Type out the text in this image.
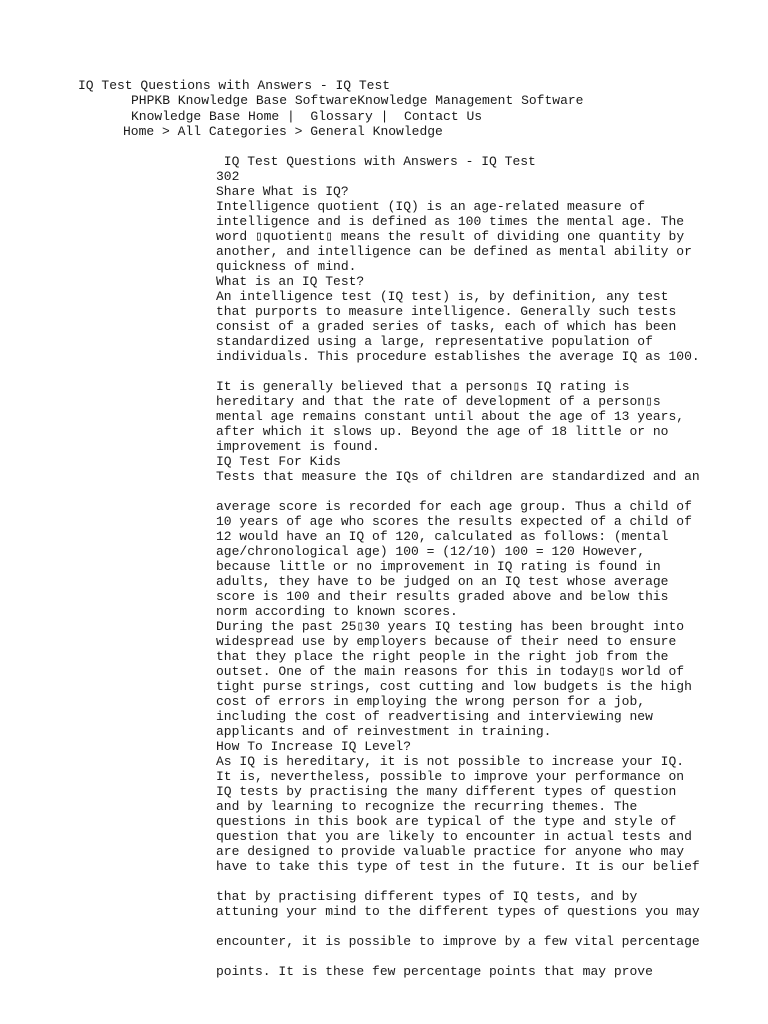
IQ Test Questions with Answers - IQ Test
PHPKB Knowledge Base SoftwareKnowledge Management Software
Knowledge Base Home |  Glossary |  Contact Us
Home > All Categories > General Knowledge
IQ Test Questions with Answers - IQ Test
302
Share What is IQ?
Intelligence quotient (IQ) is an age-related measure of
intelligence and is defined as 100 times the mental age. The
word ▯quotient▯ means the result of dividing one quantity by
another, and intelligence can be defined as mental ability or
quickness of mind.
What is an IQ Test?
An intelligence test (IQ test) is, by definition, any test
that purports to measure intelligence. Generally such tests
consist of a graded series of tasks, each of which has been
standardized using a large, representative population of
individuals. This procedure establishes the average IQ as 100.
It is generally believed that a person▯s IQ rating is
hereditary and that the rate of development of a person▯s
mental age remains constant until about the age of 13 years,
after which it slows up. Beyond the age of 18 little or no
improvement is found.
IQ Test For Kids
Tests that measure the IQs of children are standardized and an
average score is recorded for each age group. Thus a child of
10 years of age who scores the results expected of a child of
12 would have an IQ of 120, calculated as follows: (mental
age/chronological age) 100 = (12/10) 100 = 120 However,
because little or no improvement in IQ rating is found in
adults, they have to be judged on an IQ test whose average
score is 100 and their results graded above and below this
norm according to known scores.
During the past 25▯30 years IQ testing has been brought into
widespread use by employers because of their need to ensure
that they place the right people in the right job from the
outset. One of the main reasons for this in today▯s world of
tight purse strings, cost cutting and low budgets is the high
cost of errors in employing the wrong person for a job,
including the cost of readvertising and interviewing new
applicants and of reinvestment in training.
How To Increase IQ Level?
As IQ is hereditary, it is not possible to increase your IQ.
It is, nevertheless, possible to improve your performance on
IQ tests by practising the many different types of question
and by learning to recognize the recurring themes. The
questions in this book are typical of the type and style of
question that you are likely to encounter in actual tests and
are designed to provide valuable practice for anyone who may
have to take this type of test in the future. It is our belief
that by practising different types of IQ tests, and by
attuning your mind to the different types of questions you may
encounter, it is possible to improve by a few vital percentage
points. It is these few percentage points that may prove
